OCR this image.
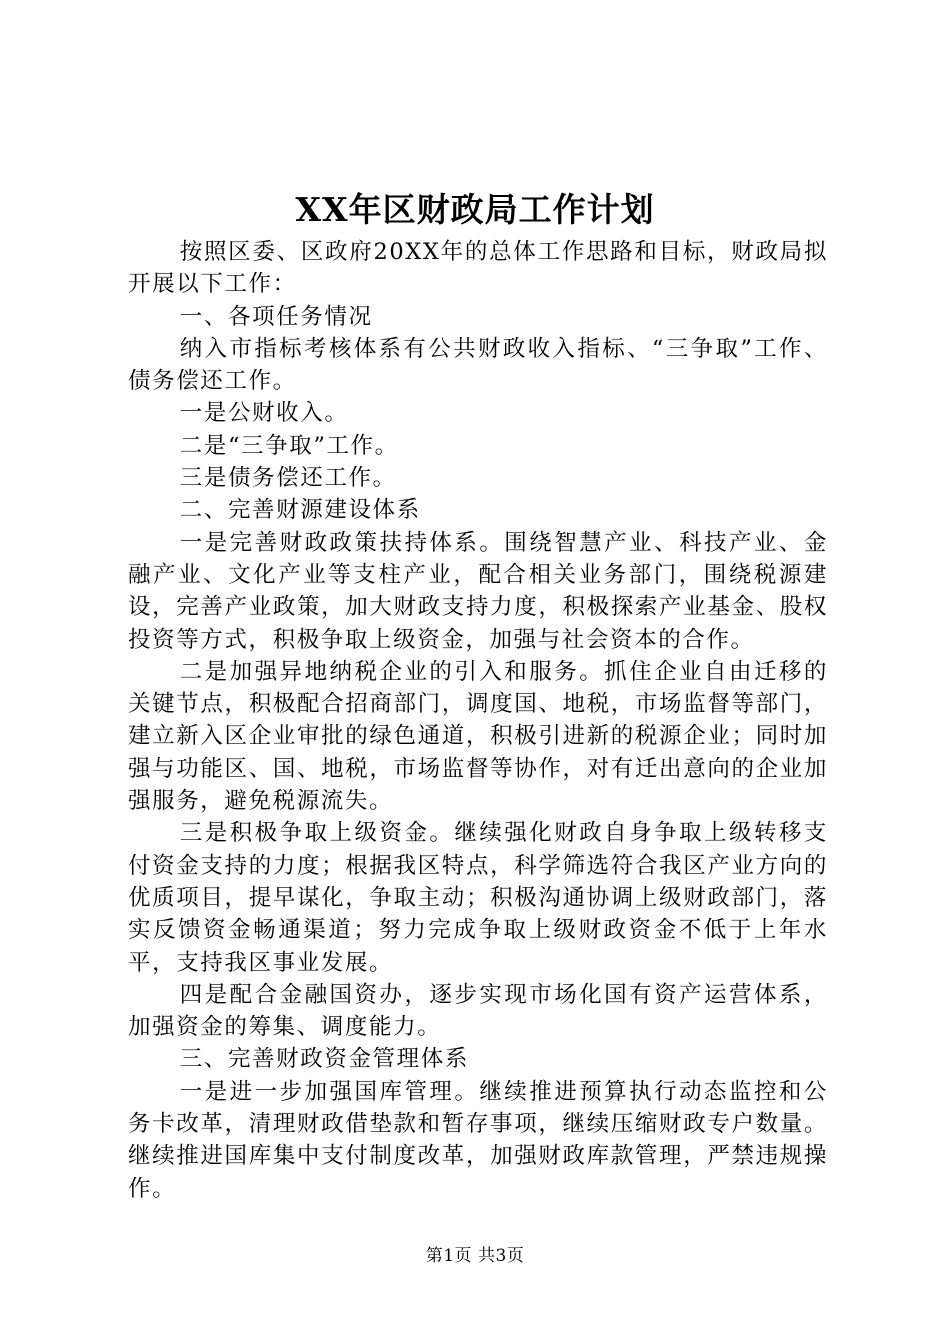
XX年区财政局工作计划

按照区委、区政府20XX年的总体工作思路和目标，财政局拟开展以下工作：

一、各项任务情况

纳入市指标考核体系有公共财政收入指标、“三争取”工作、债务偿还工作。

一是公财收入。

二是“三争取”工作。

三是债务偿还工作。

二、完善财源建设体系

一是完善财政政策扶持体系。围绕智慧产业、科技产业、金融产业、文化产业等支柱产业，配合相关业务部门，围绕税源建设，完善产业政策，加大财政支持力度，积极探索产业基金、股权投资等方式，积极争取上级资金，加强与社会资本的合作。

二是加强异地纳税企业的引入和服务。抓住企业自由迁移的关键节点，积极配合招商部门，调度国、地税，市场监督等部门，建立新入区企业审批的绿色通道，积极引进新的税源企业；同时加强与功能区、国、地税，市场监督等协作，对有迁出意向的企业加强服务，避免税源流失。

三是积极争取上级资金。继续强化财政自身争取上级转移支付资金支持的力度；根据我区特点，科学筛选符合我区产业方向的优质项目，提早谋化，争取主动；积极沟通协调上级财政部门，落实反馈资金畅通渠道；努力完成争取上级财政资金不低于上年水平，支持我区事业发展。

四是配合金融国资办，逐步实现市场化国有资产运营体系，加强资金的筹集、调度能力。

三、完善财政资金管理体系

一是进一步加强国库管理。继续推进预算执行动态监控和公务卡改革，清理财政借垫款和暂存事项，继续压缩财政专户数量。继续推进国库集中支付制度改革，加强财政库款管理，严禁违规操作。

第1页 共3页
